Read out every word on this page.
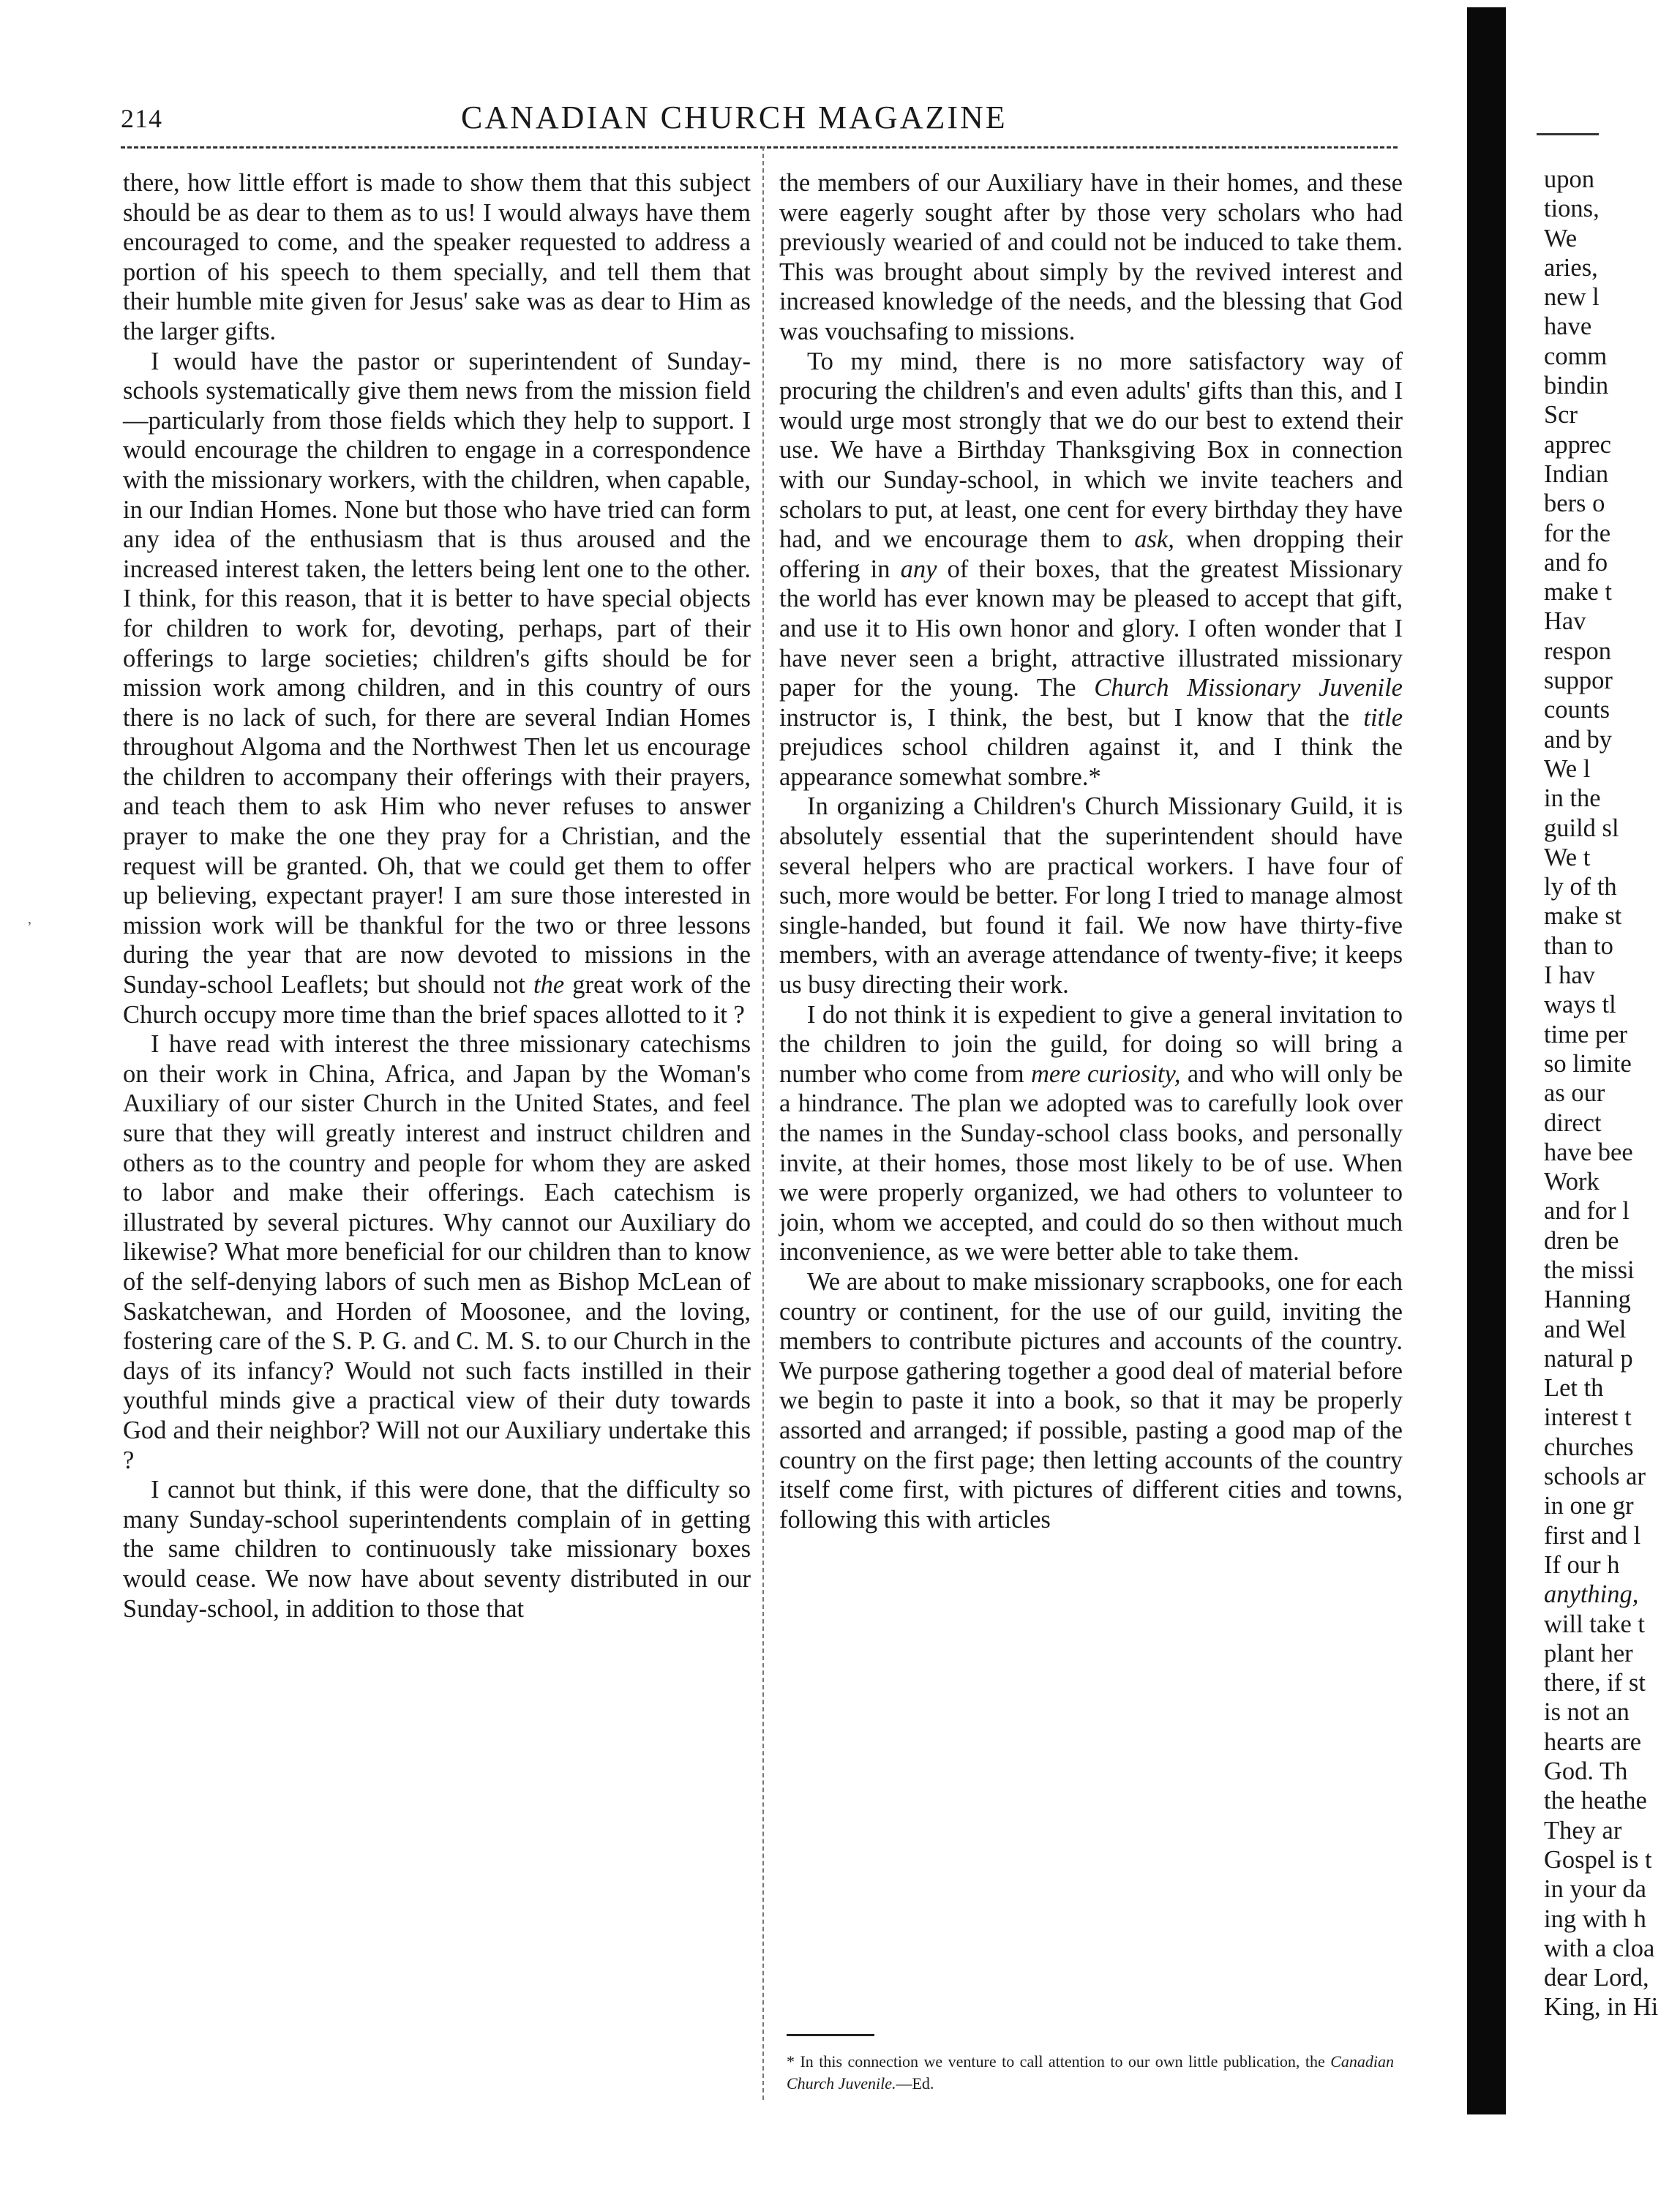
214	CANADIAN CHURCH MAGAZINE

there, how little effort is made to show them that this subject should be as dear to them as to us! I would always have them encouraged to come, and the speaker requested to address a portion of his speech to them specially, and tell them that their humble mite given for Jesus' sake was as dear to Him as the larger gifts.

I would have the pastor or superintendent of Sunday-schools systematically give them news from the mission field—particularly from those fields which they help to support. I would encourage the children to engage in a correspondence with the missionary workers, with the children, when capable, in our Indian Homes. None but those who have tried can form any idea of the enthusiasm that is thus aroused and the increased interest taken, the letters being lent one to the other. I think, for this reason, that it is better to have special objects for children to work for, devoting, perhaps, part of their offerings to large societies; children's gifts should be for mission work among children, and in this country of ours there is no lack of such, for there are several Indian Homes throughout Algoma and the Northwest Then let us encourage the children to accompany their offerings with their prayers, and teach them to ask Him who never refuses to answer prayer to make the one they pray for a Christian, and the request will be granted. Oh, that we could get them to offer up believing, expectant prayer! I am sure those interested in mission work will be thankful for the two or three lessons during the year that are now devoted to missions in the Sunday-school Leaflets; but should not the great work of the Church occupy more time than the brief spaces allotted to it ?

I have read with interest the three missionary catechisms on their work in China, Africa, and Japan by the Woman's Auxiliary of our sister Church in the United States, and feel sure that they will greatly interest and instruct children and others as to the country and people for whom they are asked to labor and make their offerings. Each catechism is illustrated by several pictures. Why cannot our Auxiliary do likewise? What more beneficial for our children than to know of the self-denying labors of such men as Bishop McLean of Saskatchewan, and Horden of Moosonee, and the loving, fostering care of the S. P. G. and C. M. S. to our Church in the days of its infancy? Would not such facts instilled in their youthful minds give a practical view of their duty towards God and their neighbor? Will not our Auxiliary undertake this ?

I cannot but think, if this were done, that the difficulty so many Sunday-school superintendents complain of in getting the same children to continuously take missionary boxes would cease. We now have about seventy distributed in our Sunday-school, in addition to those that

the members of our Auxiliary have in their homes, and these were eagerly sought after by those very scholars who had previously wearied of and could not be induced to take them. This was brought about simply by the revived interest and increased knowledge of the needs, and the blessing that God was vouchsafing to missions.

To my mind, there is no more satisfactory way of procuring the children's and even adults' gifts than this, and I would urge most strongly that we do our best to extend their use. We have a Birthday Thanksgiving Box in connection with our Sunday-school, in which we invite teachers and scholars to put, at least, one cent for every birthday they have had, and we encourage them to ask, when dropping their offering in any of their boxes, that the greatest Missionary the world has ever known may be pleased to accept that gift, and use it to His own honor and glory. I often wonder that I have never seen a bright, attractive illustrated missionary paper for the young. The Church Missionary Juvenile instructor is, I think, the best, but I know that the title prejudices school children against it, and I think the appearance somewhat sombre.*

In organizing a Children's Church Missionary Guild, it is absolutely essential that the superintendent should have several helpers who are practical workers. I have four of such, more would be better. For long I tried to manage almost single-handed, but found it fail. We now have thirty-five members, with an average attendance of twenty-five; it keeps us busy directing their work.

I do not think it is expedient to give a general invitation to the children to join the guild, for doing so will bring a number who come from mere curiosity, and who will only be a hindrance. The plan we adopted was to carefully look over the names in the Sunday-school class books, and personally invite, at their homes, those most likely to be of use. When we were properly organized, we had others to volunteer to join, whom we accepted, and could do so then without much inconvenience, as we were better able to take them.

We are about to make missionary scrapbooks, one for each country or continent, for the use of our guild, inviting the members to contribute pictures and accounts of the country. We purpose gathering together a good deal of material before we begin to paste it into a book, so that it may be properly assorted and arranged; if possible, pasting a good map of the country on the first page; then letting accounts of the country itself come first, with pictures of different cities and towns, following this with articles

* In this connection we venture to call attention to our own little publication, the Canadian Church Juvenile.—Ed.
upon
tions,
We
aries,
new l
have
comm
bindin
Scr
apprec
Indian
bers o
for the
and fo
make t
Hav
respon
suppor
counts
and by
We l
in the
guild sl
We t
ly of th
make st
than to
I hav
ways tl
time per
so limite
as our
direct
have bee
Work
and for l
dren be
the missi
Hanning
and Wel
natural p
Let th
interest t
churches
schools ar
in one gr
first and l
If our h
anything,
will take t
plant her
there, if st
is not an
hearts are
God. Th
the heathe
They ar
Gospel is t
in your da
ing with h
with a cloa
dear Lord,
King, in Hi
,
